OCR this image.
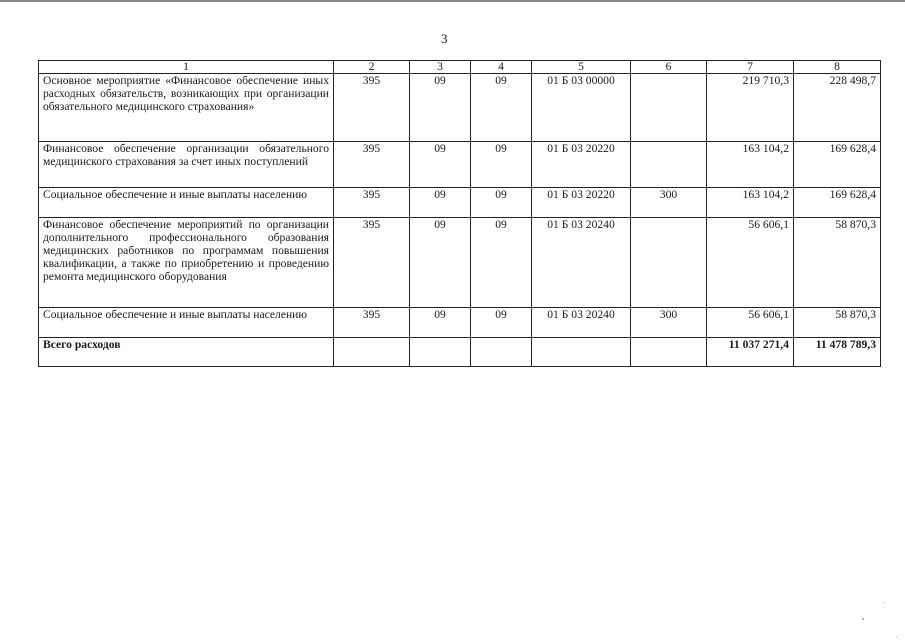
3
1	2	3	4	5	6	7	8
Основное мероприятие «Финансовое обеспечение иных расходных обязательств, возникающих при организации обязательного медицинского страхования»	395	09	09	01 Б 03 00000		219 710,3	228 498,7
Финансовое обеспечение организации обязательного медицинского страхования за счет иных поступлений	395	09	09	01 Б 03 20220		163 104,2	169 628,4
Социальное обеспечение и иные выплаты населению	395	09	09	01 Б 03 20220	300	163 104,2	169 628,4
Финансовое обеспечение мероприятий по организации дополнительного профессионального образования медицинских работников по программам повышения квалификации, а также по приобретению и проведению ремонта медицинского оборудования	395	09	09	01 Б 03 20240		56 606,1	58 870,3
Социальное обеспечение и иные выплаты населению	395	09	09	01 Б 03 20240	300	56 606,1	58 870,3
Всего расходов						11 037 271,4	11 478 789,3
